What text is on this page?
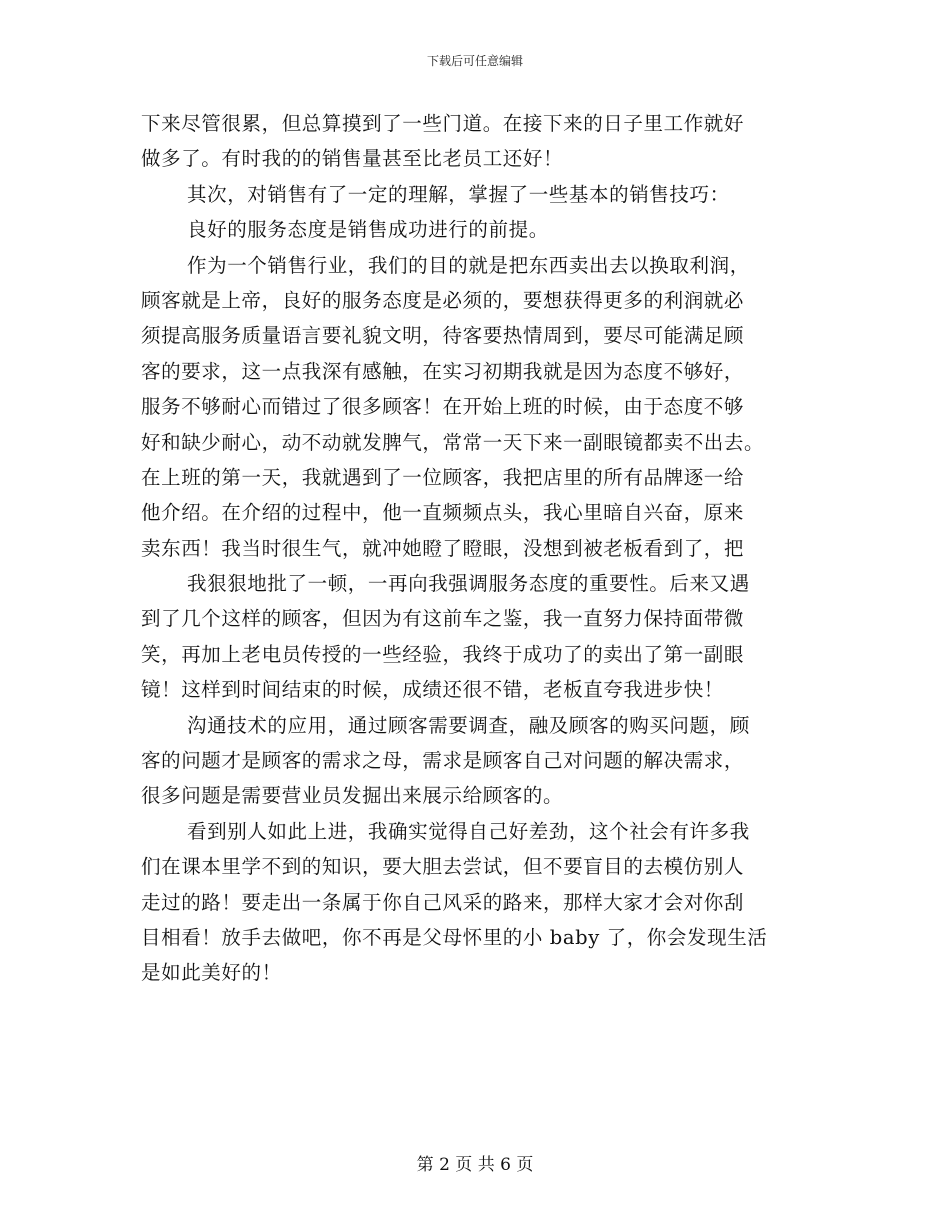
下载后可任意编辑
下来尽管很累，但总算摸到了一些门道。在接下来的日子里工作就好
做多了。有时我的的销售量甚至比老员工还好！
其次，对销售有了一定的理解，掌握了一些基本的销售技巧：
良好的服务态度是销售成功进行的前提。
作为一个销售行业，我们的目的就是把东西卖出去以换取利润，
顾客就是上帝，良好的服务态度是必须的，要想获得更多的利润就必
须提高服务质量语言要礼貌文明，待客要热情周到，要尽可能满足顾
客的要求，这一点我深有感触，在实习初期我就是因为态度不够好，
服务不够耐心而错过了很多顾客！在开始上班的时候，由于态度不够
好和缺少耐心，动不动就发脾气，常常一天下来一副眼镜都卖不出去。
在上班的第一天，我就遇到了一位顾客，我把店里的所有品牌逐一给
他介绍。在介绍的过程中，他一直频频点头，我心里暗自兴奋，原来
卖东西！我当时很生气，就冲她瞪了瞪眼，没想到被老板看到了，把
我狠狠地批了一顿，一再向我强调服务态度的重要性。后来又遇
到了几个这样的顾客，但因为有这前车之鉴，我一直努力保持面带微
笑，再加上老电员传授的一些经验，我终于成功了的卖出了第一副眼
镜！这样到时间结束的时候，成绩还很不错，老板直夸我进步快！
沟通技术的应用，通过顾客需要调查，融及顾客的购买问题，顾
客的问题才是顾客的需求之母，需求是顾客自己对问题的解决需求，
很多问题是需要营业员发掘出来展示给顾客的。
看到别人如此上进，我确实觉得自己好差劲，这个社会有许多我
们在课本里学不到的知识，要大胆去尝试，但不要盲目的去模仿别人
走过的路！要走出一条属于你自己风采的路来，那样大家才会对你刮
目相看！放手去做吧，你不再是父母怀里的小 baby 了，你会发现生活
是如此美好的！
第 2 页 共 6 页
